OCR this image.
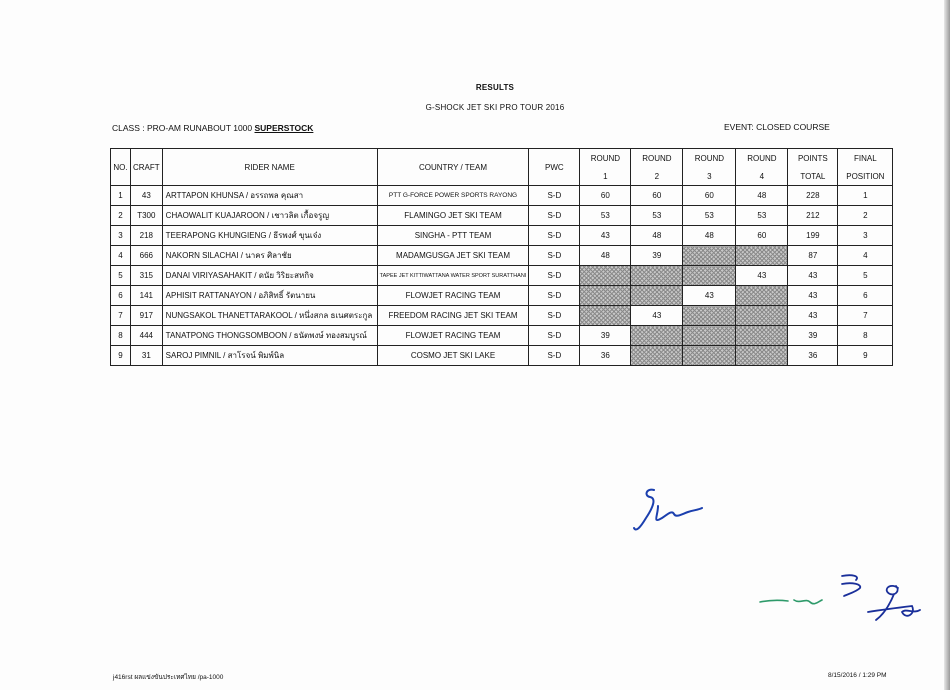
RESULTS
G-SHOCK JET SKI PRO TOUR 2016
CLASS : PRO-AM RUNABOUT 1000 SUPERSTOCK	EVENT: CLOSED COURSE
NO.	CRAFT	RIDER NAME	COUNTRY / TEAM	PWC	ROUND	ROUND	ROUND	ROUND	POINTS	FINAL
					1	2	3	4	TOTAL	POSITION
1	43	ARTTAPON KHUNSA / อรรถพล คุณสา	PTT G-FORCE POWER SPORTS RAYONG	S-D	60	60	60	48	228	1
2	T300	CHAOWALIT KUAJAROON / เชาวลิต เกื้อจรูญ	FLAMINGO JET SKI TEAM	S-D	53	53	53	53	212	2
3	218	TEERAPONG KHUNGIENG / ธีรพงศ์ ขุนเจ๋ง	SINGHA - PTT TEAM	S-D	43	48	48	60	199	3
4	666	NAKORN SILACHAI / นาคร ศิลาชัย	MADAMGUSGA JET SKI TEAM	S-D	48	39			87	4
5	315	DANAI VIRIYASAHAKIT / ดนัย วิริยะสหกิจ	TAPEE JET KITTIWATTANA WATER SPORT SURATTHANI	S-D				43	43	5
6	141	APHISIT RATTANAYON / อภิสิทธิ์ รัตนายน	FLOWJET RACING TEAM	S-D			43		43	6
7	917	NUNGSAKOL THANETTARAKOOL / หนึ่งสกล ธเนศตระกูล	FREEDOM RACING JET SKI TEAM	S-D		43			43	7
8	444	TANATPONG THONGSOMBOON / ธนัตพงษ์ ทองสมบูรณ์	FLOWJET RACING TEAM	S-D	39				39	8
9	31	SAROJ PIMNIL / สาโรจน์ พิมพ์นิล	COSMO JET SKI LAKE	S-D	36				36	9
j416rst ผลแข่งขันประเทศไทย /pa-1000	8/15/2016 / 1:29 PM
